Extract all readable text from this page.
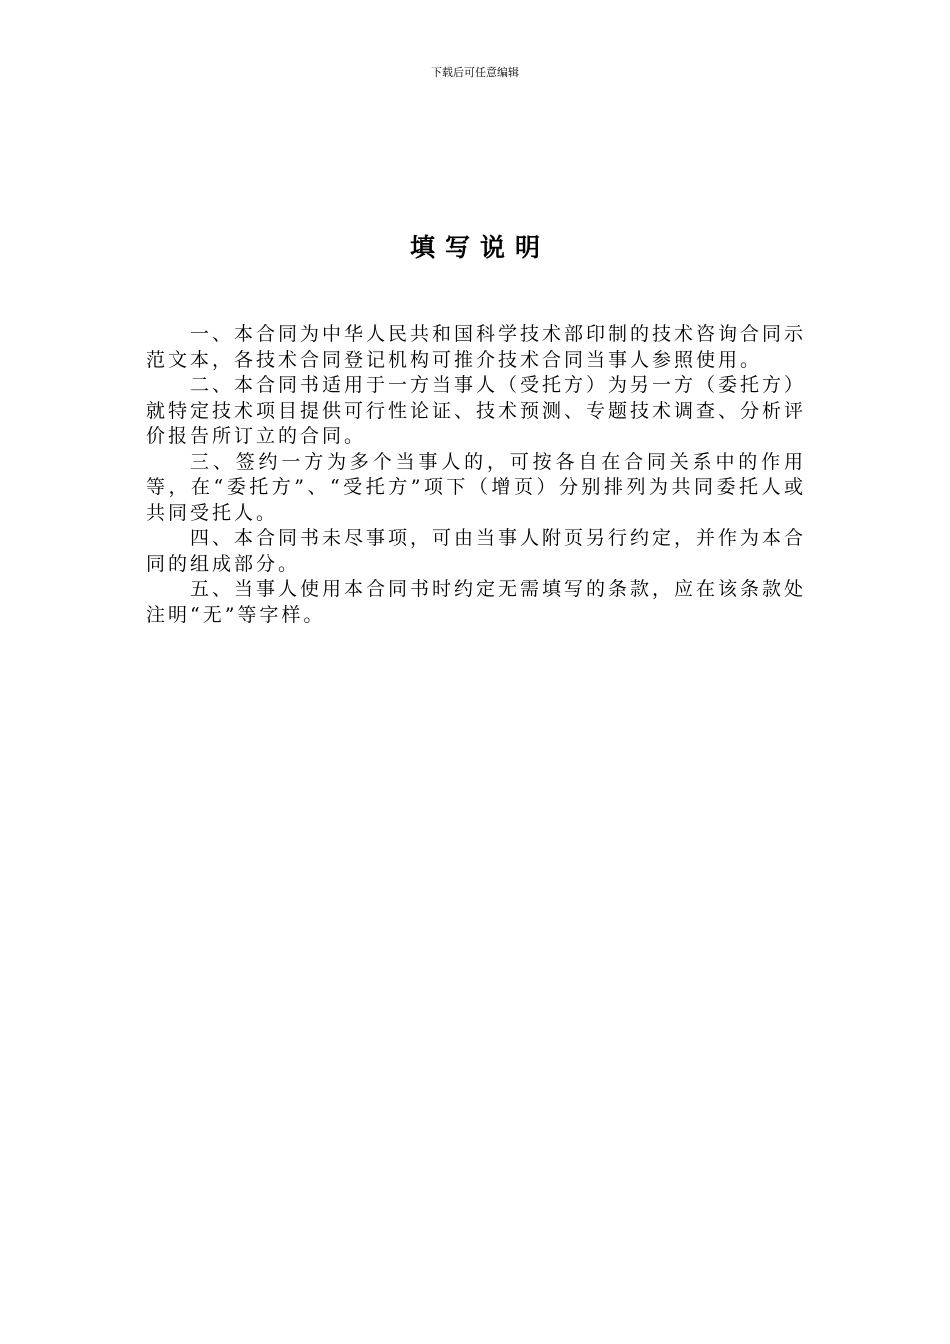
下载后可任意编辑
填写说明

一、本合同为中华人民共和国科学技术部印制的技术咨询合同示范文本，各技术合同登记机构可推介技术合同当事人参照使用。

二、本合同书适用于一方当事人（受托方）为另一方（委托方）就特定技术项目提供可行性论证、技术预测、专题技术调查、分析评价报告所订立的合同。

三、签约一方为多个当事人的，可按各自在合同关系中的作用等，在“委托方”、“受托方”项下（增页）分别排列为共同委托人或共同受托人。

四、本合同书未尽事项，可由当事人附页另行约定，并作为本合同的组成部分。

五、当事人使用本合同书时约定无需填写的条款，应在该条款处注明“无”等字样。
